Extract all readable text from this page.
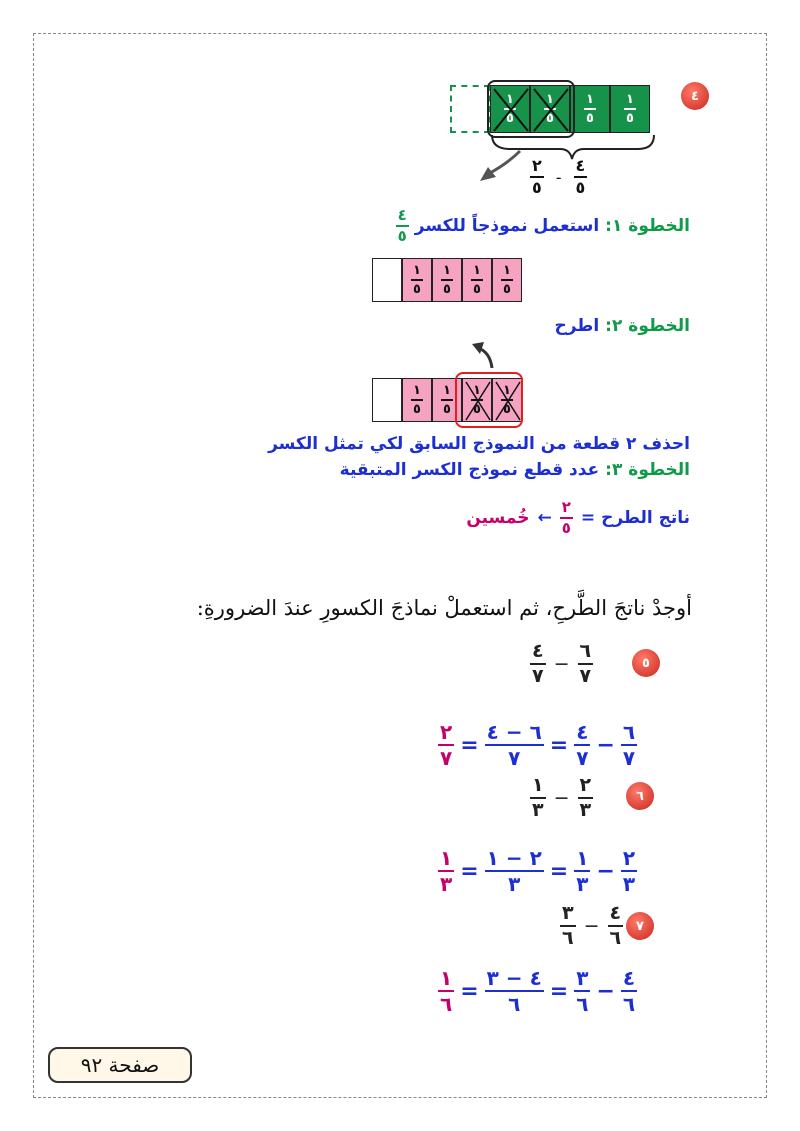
٤
$\frac{١}{٥} \frac{١}{٥} \frac{١}{٥} \frac{١}{٥}$
$\frac{٢}{٥} - \frac{٤}{٥}$
الخطوة ١:
استعمل نموذجاً للكسر
$\frac{٤}{٥}$
$\frac{١}{٥} \frac{١}{٥} \frac{١}{٥} \frac{١}{٥}$
الخطوة ٢:
اطرح
$\frac{١}{٥} \frac{١}{٥} \frac{١}{٥} \frac{١}{٥}$
احذف ٢ قطعة من النموذج السابق لكي تمثل الكسر
الخطوة ٣:
عدد قطع نموذج الكسر المتبقية
ناتج الطرح =
$\frac{٢}{٥}$
←
خُمسين
أوجدْ ناتجَ الطَّرحِ، ثم استعملْ نماذجَ الكسورِ عندَ الضرورةِ:
٥
$\frac{٤}{٧} - \frac{٦}{٧}$
$\frac{٢}{٧} = \frac{٦ - ٤}{٧} = \frac{٤}{٧} - \frac{٦}{٧}$
٦
$\frac{١}{٣} - \frac{٢}{٣}$
$\frac{١}{٣} = \frac{٢ - ١}{٣} = \frac{١}{٣} - \frac{٢}{٣}$
٧
$\frac{٣}{٦} - \frac{٤}{٦}$
$\frac{١}{٦} = \frac{٤ - ٣}{٦} = \frac{٣}{٦} - \frac{٤}{٦}$
صفحة ٩٢
